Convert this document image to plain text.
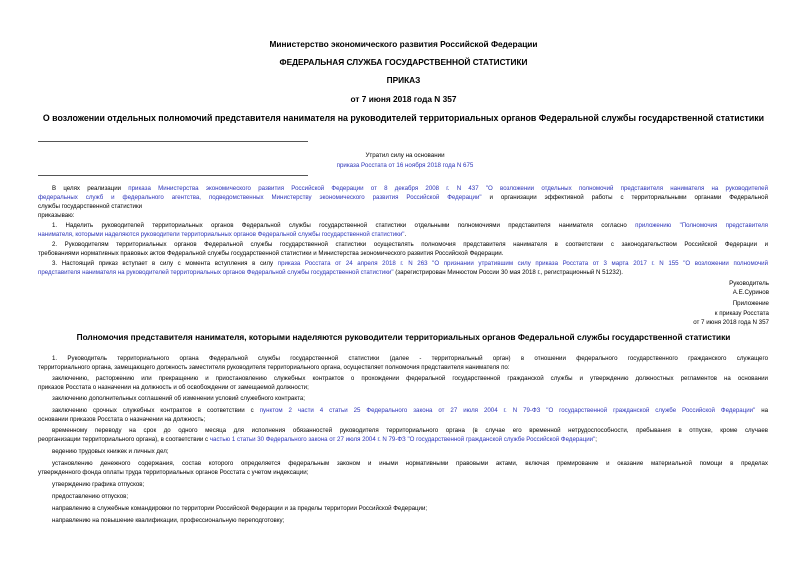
Министерство экономического развития Российской Федерации
ФЕДЕРАЛЬНАЯ СЛУЖБА ГОСУДАРСТВЕННОЙ СТАТИСТИКИ
ПРИКАЗ
от 7 июня 2018 года N 357
О возложении отдельных полномочий представителя нанимателя на руководителей территориальных органов Федеральной службы государственной статистики
Утратил силу на основании
приказа Росстата от 16 ноября 2018 года N 675
В целях реализации приказа Министерства экономического развития Российской Федерации от 8 декабря 2008 г. N 437 "О возложении отдельных полномочий представителя нанимателя на руководителей
федеральных служб и федерального агентства, подведомственных Министерству экономического развития Российской Федерации" и организации эффективной работы с территориальными органами Федеральной
службы государственной статистики
приказываю:
1. Наделить руководителей территориальных органов Федеральной службы государственной статистики отдельными полномочиями представителя нанимателя согласно приложению "Полномочия представителя
нанимателя, которыми наделяются руководители территориальных органов Федеральной службы государственной статистики".
2. Руководителям территориальных органов Федеральной службы государственной статистики осуществлять полномочия представителя нанимателя в соответствии с законодательством Российской Федерации и
требованиями нормативных правовых актов Федеральной службы государственной статистики и Министерства экономического развития Российской Федерации.
3. Настоящий приказ вступает в силу с момента вступления в силу приказа Росстата от 24 апреля 2018 г. N 263 "О признании утратившим силу приказа Росстата от 3 марта 2017 г. N 155 "О возложении полномочий
представителя нанимателя на руководителей территориальных органов Федеральной службы государственной статистики" (зарегистрирован Минюстом России 30 мая 2018 г., регистрационный N 51232).
Руководитель
А.Е.Суринов
Приложение
к приказу Росстата
от 7 июня 2018 года N 357
Полномочия представителя нанимателя, которыми наделяются руководители территориальных органов Федеральной службы государственной статистики
1. Руководитель территориального органа Федеральной службы государственной статистики (далее - территориальный орган) в отношении федерального государственного гражданского служащего
территориального органа, замещающего должность заместителя руководителя территориального органа, осуществляет полномочия представителя нанимателя по:
заключению, расторжению или прекращению и приостановлению служебных контрактов о прохождении федеральной государственной гражданской службы и утверждению должностных регламентов на основании
приказов Росстата о назначении на должность и об освобождении от замещаемой должности;
заключению дополнительных соглашений об изменении условий служебного контракта;
заключению срочных служебных контрактов в соответствии с пунктом 2 части 4 статьи 25 Федерального закона от 27 июля 2004 г. N 79-ФЗ "О государственной гражданской службе Российской Федерации" на
основании приказов Росстата о назначении на должность;
временному переводу на срок до одного месяца для исполнения обязанностей руководителя территориального органа (в случае его временной нетрудоспособности, пребывания в отпуске, кроме случаев
реорганизации территориального органа), в соответствии с частью 1 статьи 30 Федерального закона от 27 июля 2004 г. N 79-ФЗ "О государственной гражданской службе Российской Федерации";
ведению трудовых книжек и личных дел;
установлению денежного содержания, состав которого определяется федеральным законом и иными нормативными правовыми актами, включая премирование и оказание материальной помощи в пределах
утвержденного фонда оплаты труда территориальных органов Росстата с учетом индексации;
утверждению графика отпусков;
предоставлению отпусков;
направлению в служебные командировки по территории Российской Федерации и за пределы территории Российской Федерации;
направлению на повышение квалификации, профессиональную переподготовку;
